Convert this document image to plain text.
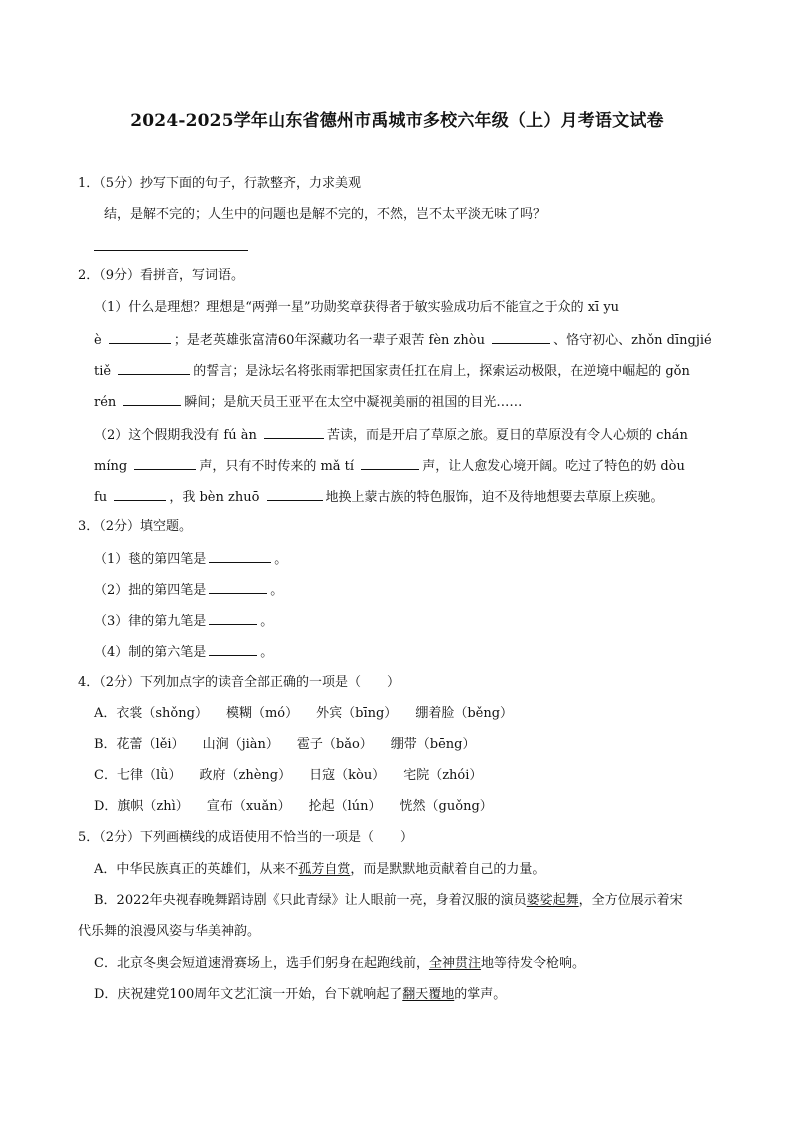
2024-2025学年山东省德州市禹城市多校六年级（上）月考语文试卷
1．（5分）抄写下面的句子，行款整齐，力求美观
结，是解不完的；人生中的问题也是解不完的，不然，岂不太平淡无味了吗？
2．（9分）看拼音，写词语。
（1）什么是理想？理想是“两弹一星”功勋奖章获得者于敏实验成功后不能宣之于众的 xī yu
è	；是老英雄张富清60年深藏功名一辈子艰苦 fèn zhòu	、恪守初心、zhǒn dīngjié
tiě	的誓言；是泳坛名将张雨霏把国家责任扛在肩上，探索运动极限，在逆境中崛起的 gǒn
rén	瞬间；是航天员王亚平在太空中凝视美丽的祖国的目光……
（2）这个假期我没有 fú àn	苦读，而是开启了草原之旅。夏日的草原没有令人心烦的 chán
míng	声，只有不时传来的 mǎ tí	声，让人愈发心境开阔。吃过了特色的奶 dòu
fu	，我 bèn zhuō	地换上蒙古族的特色服饰，迫不及待地想要去草原上疾驰。
3．（2分）填空题。
（1）毯的第四笔是	。
（2）拙的第四笔是	。
（3）律的第九笔是	。
（4）制的第六笔是	。
4．（2分）下列加点字的读音全部正确的一项是（　　）
A．衣裳（shǒng） 模糊（mó） 外宾（bīng） 绷着脸（běng）
B．花蕾（lěi） 山涧（jiàn） 雹子（bǎo） 绷带（bēng）
C．七律（lǜ） 政府（zhèng） 日寇（kòu） 宅院（zhói）
D．旗帜（zhì） 宣布（xuǎn） 抡起（lún） 恍然（guǒng）
5．（2分）下列画横线的成语使用不恰当的一项是（　　）
A．中华民族真正的英雄们，从来不孤芳自赏，而是默默地贡献着自己的力量。
B．2022年央视春晚舞蹈诗剧《只此青绿》让人眼前一亮，身着汉服的演员婆娑起舞，全方位展示着宋
代乐舞的浪漫风姿与华美神韵。
C．北京冬奥会短道速滑赛场上，选手们躬身在起跑线前，全神贯注地等待发令枪响。
D．庆祝建党100周年文艺汇演一开始，台下就响起了翻天覆地的掌声。
